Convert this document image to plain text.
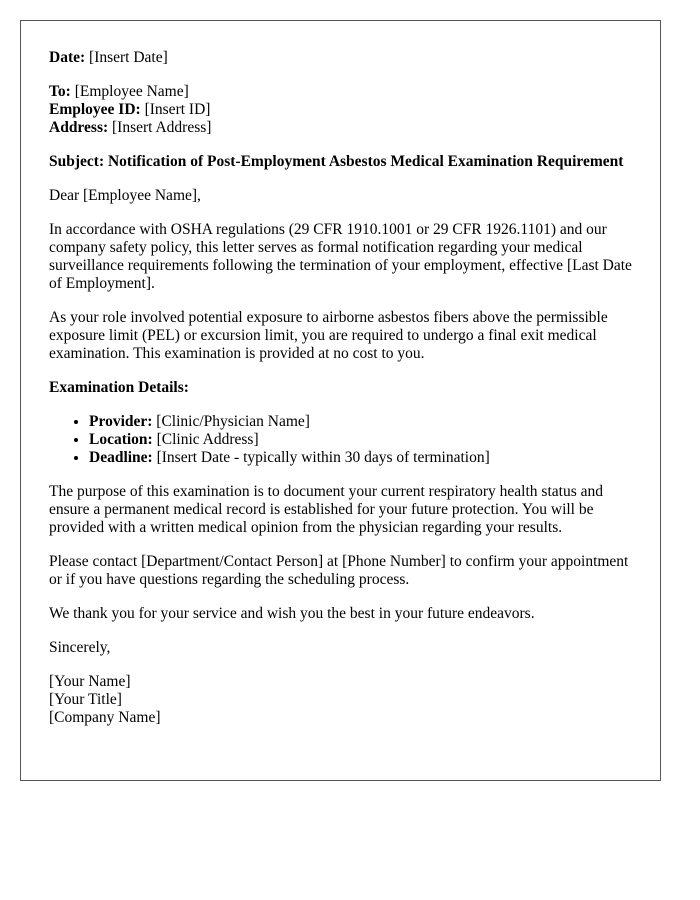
Date: [Insert Date]
To: [Employee Name]
Employee ID: [Insert ID]
Address: [Insert Address]
Subject: Notification of Post-Employment Asbestos Medical Examination Requirement

Dear [Employee Name],

In accordance with OSHA regulations (29 CFR 1910.1001 or 29 CFR 1926.1101) and our company safety policy, this letter serves as formal notification regarding your medical surveillance requirements following the termination of your employment, effective [Last Date of Employment].

As your role involved potential exposure to airborne asbestos fibers above the permissible exposure limit (PEL) or excursion limit, you are required to undergo a final exit medical examination. This examination is provided at no cost to you.

Examination Details:

• Provider: [Clinic/Physician Name]
• Location: [Clinic Address]
• Deadline: [Insert Date - typically within 30 days of termination]

The purpose of this examination is to document your current respiratory health status and ensure a permanent medical record is established for your future protection. You will be provided with a written medical opinion from the physician regarding your results.

Please contact [Department/Contact Person] at [Phone Number] to confirm your appointment or if you have questions regarding the scheduling process.

We thank you for your service and wish you the best in your future endeavors.

Sincerely,

[Your Name]
[Your Title]
[Company Name]
